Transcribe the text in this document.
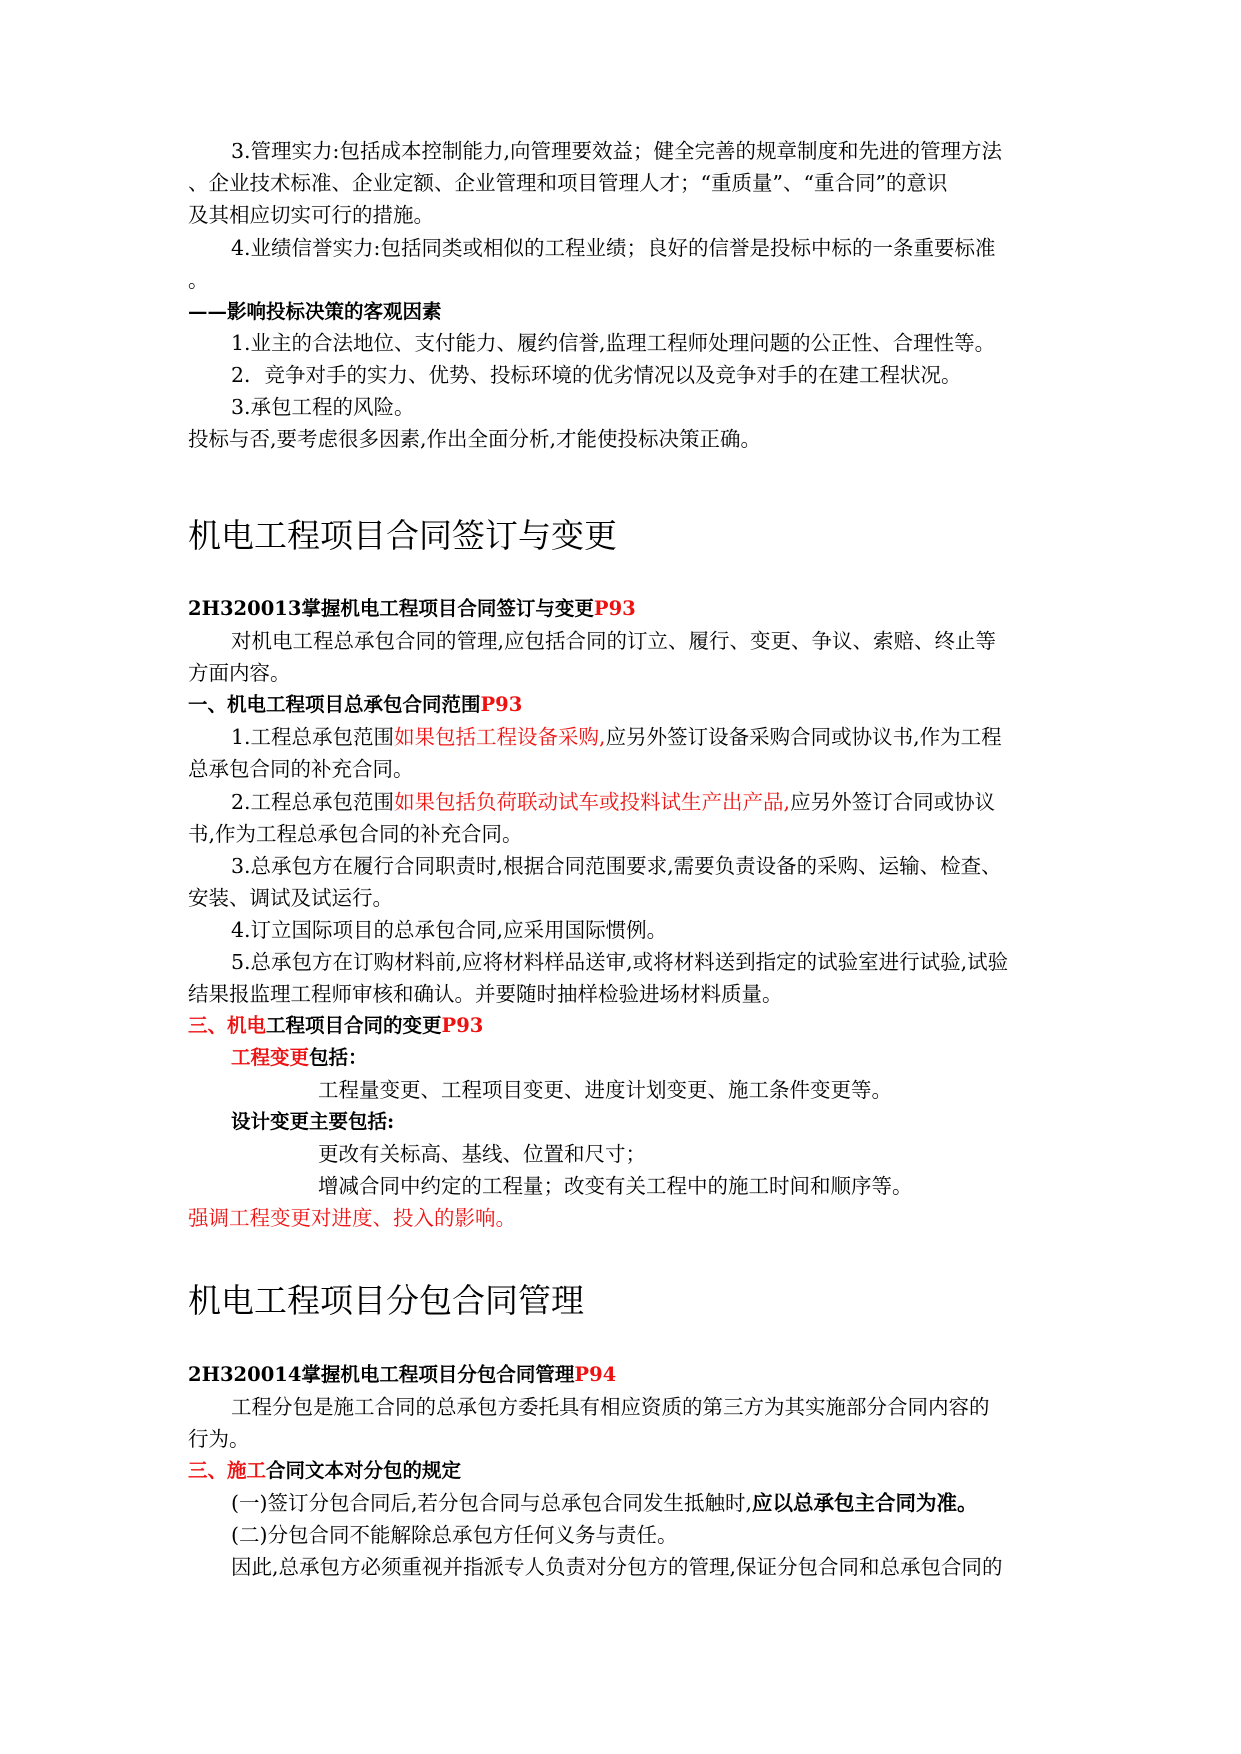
3.管理实力:包括成本控制能力,向管理要效益；健全完善的规章制度和先进的管理方法
、企业技术标准、企业定额、企业管理和项目管理人才；“重质量”、“重合同”的意识
及其相应切实可行的措施。
4.业绩信誉实力:包括同类或相似的工程业绩；良好的信誉是投标中标的一条重要标准
。
——影响投标决策的客观因素
1.业主的合法地位、支付能力、履约信誉,监理工程师处理问题的公正性、合理性等。
2．竞争对手的实力、优势、投标环境的优劣情况以及竞争对手的在建工程状况。
3.承包工程的风险。
投标与否,要考虑很多因素,作出全面分析,才能使投标决策正确。
机电工程项目合同签订与变更
2H320013掌握机电工程项目合同签订与变更P93
对机电工程总承包合同的管理,应包括合同的订立、履行、变更、争议、索赔、终止等
方面内容。
一、机电工程项目总承包合同范围P93
1.工程总承包范围如果包括工程设备采购,应另外签订设备采购合同或协议书,作为工程
总承包合同的补充合同。
2.工程总承包范围如果包括负荷联动试车或投料试生产出产品,应另外签订合同或协议
书,作为工程总承包合同的补充合同。
3.总承包方在履行合同职责时,根据合同范围要求,需要负责设备的采购、运输、检查、
安装、调试及试运行。
4.订立国际项目的总承包合同,应采用国际惯例。
5.总承包方在订购材料前,应将材料样品送审,或将材料送到指定的试验室进行试验,试验
结果报监理工程师审核和确认。并要随时抽样检验进场材料质量。
三、机电工程项目合同的变更P93
工程变更包括：
工程量变更、工程项目变更、进度计划变更、施工条件变更等。
设计变更主要包括:
更改有关标高、基线、位置和尺寸；
增减合同中约定的工程量；改变有关工程中的施工时间和顺序等。
强调工程变更对进度、投入的影响。
机电工程项目分包合同管理
2H320014掌握机电工程项目分包合同管理P94
工程分包是施工合同的总承包方委托具有相应资质的第三方为其实施部分合同内容的
行为。
三、施工合同文本对分包的规定
(一)签订分包合同后,若分包合同与总承包合同发生抵触时,应以总承包主合同为准。
(二)分包合同不能解除总承包方任何义务与责任。
因此,总承包方必须重视并指派专人负责对分包方的管理,保证分包合同和总承包合同的
